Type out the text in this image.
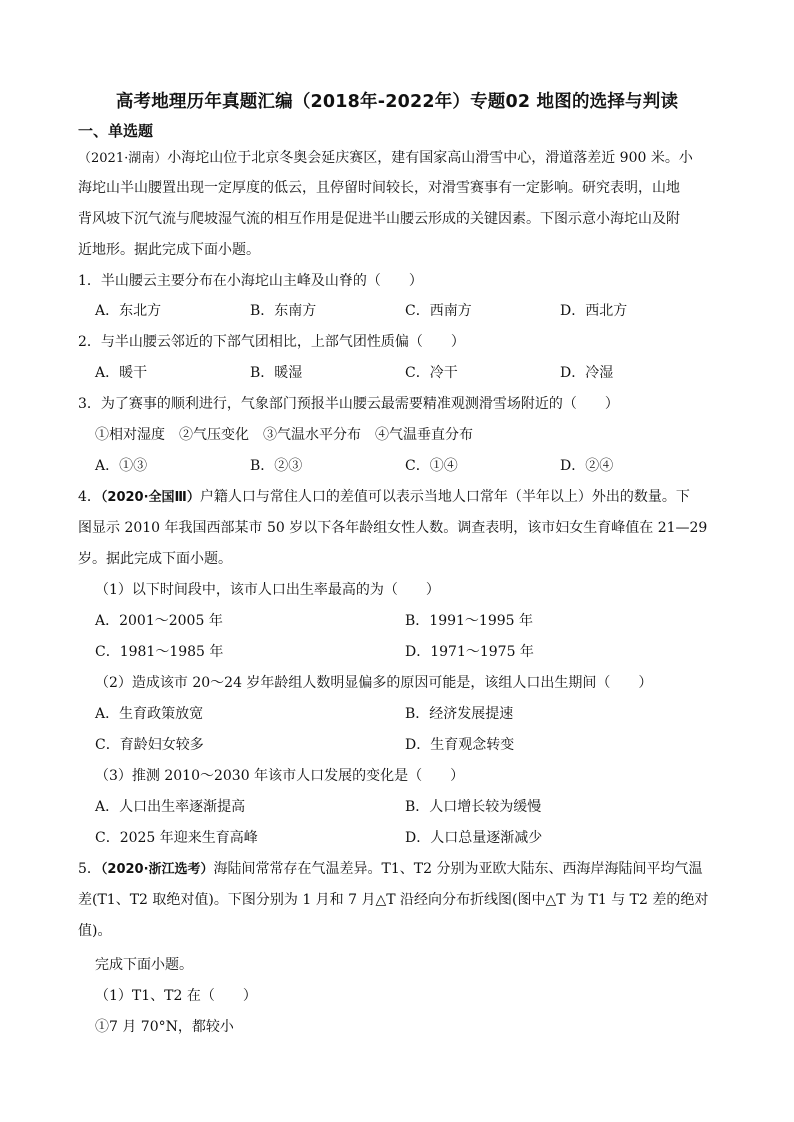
高考地理历年真题汇编（2018年-2022年）专题02 地图的选择与判读
一、单选题
（2021·湖南）小海坨山位于北京冬奥会延庆赛区，建有国家高山滑雪中心，滑道落差近 900 米。小
海坨山半山腰置出现一定厚度的低云，且停留时间较长，对滑雪赛事有一定影响。研究表明，山地
背风坡下沉气流与爬坡湿气流的相互作用是促进半山腰云形成的关键因素。下图示意小海坨山及附
近地形。据此完成下面小题。
1．半山腰云主要分布在小海坨山主峰及山脊的（　　）
A．东北方	B．东南方	C．西南方	D．西北方
2．与半山腰云邻近的下部气团相比，上部气团性质偏（　　）
A．暖干	B．暖湿	C．冷干	D．冷湿
3．为了赛事的顺利进行，气象部门预报半山腰云最需要精准观测滑雪场附近的（　　）
①相对湿度　②气压变化　③气温水平分布　④气温垂直分布
A．①③	B．②③	C．①④	D．②④
4．（2020·全国Ⅲ）户籍人口与常住人口的差值可以表示当地人口常年（半年以上）外出的数量。下
图显示 2010 年我国西部某市 50 岁以下各年龄组女性人数。调查表明，该市妇女生育峰值在 21—29
岁。据此完成下面小题。
（1）以下时间段中，该市人口出生率最高的为（　　）
A．2001～2005 年	B．1991～1995 年
C．1981～1985 年	D．1971～1975 年
（2）造成该市 20～24 岁年龄组人数明显偏多的原因可能是，该组人口出生期间（　　）
A．生育政策放宽	B．经济发展提速
C．育龄妇女较多	D．生育观念转变
（3）推测 2010～2030 年该市人口发展的变化是（　　）
A．人口出生率逐渐提高	B．人口增长较为缓慢
C．2025 年迎来生育高峰	D．人口总量逐渐减少
5．（2020·浙江选考）海陆间常常存在气温差异。T1、T2 分别为亚欧大陆东、西海岸海陆间平均气温
差(T1、T2 取绝对值)。下图分别为 1 月和 7 月△T 沿经向分布折线图(图中△T 为 T1 与 T2 差的绝对
值)。
完成下面小题。
（1）T1、T2 在（　　）
①7 月 70°N，都较小
